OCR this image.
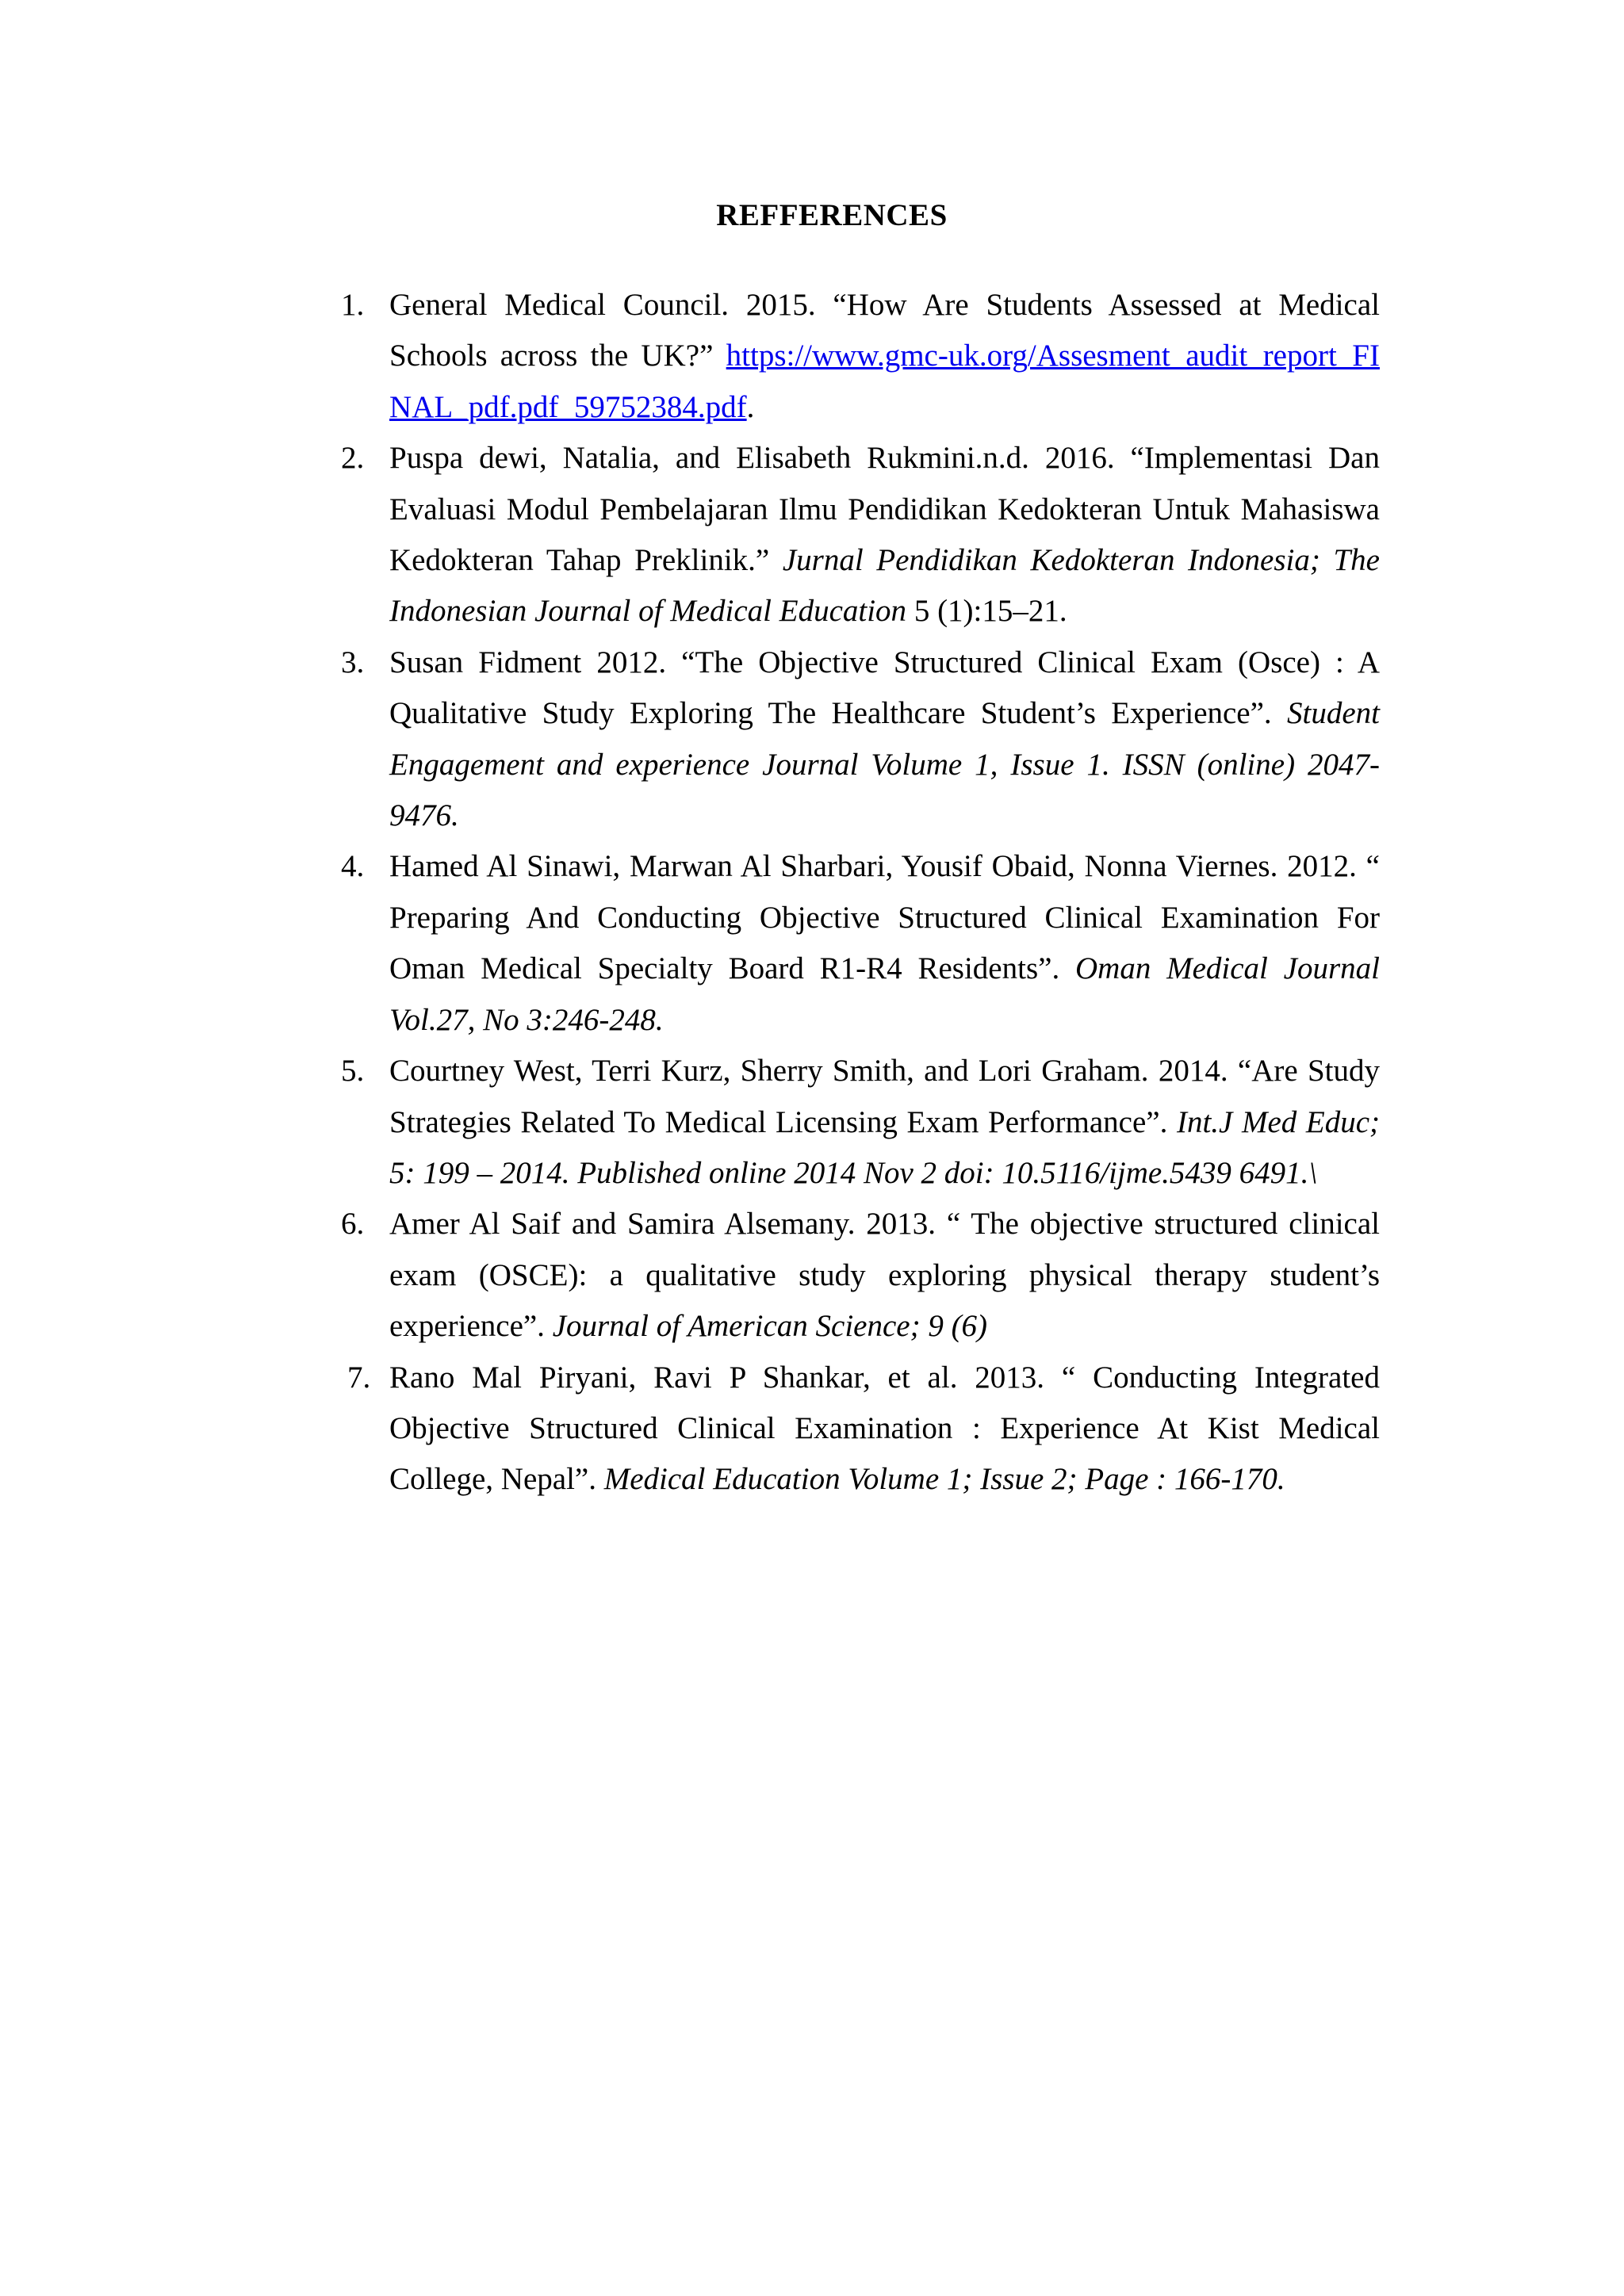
REFFERENCES
1. General Medical Council. 2015. “How Are Students Assessed at Medical Schools across the UK?” https://www.gmc-uk.org/Assesment_audit_report_FINAL_pdf.pdf_59752384.pdf.
2. Puspa dewi, Natalia, and Elisabeth Rukmini.n.d. 2016. “Implementasi Dan Evaluasi Modul Pembelajaran Ilmu Pendidikan Kedokteran Untuk Mahasiswa Kedokteran Tahap Preklinik.” Jurnal Pendidikan Kedokteran Indonesia; The Indonesian Journal of Medical Education 5 (1):15–21.
3. Susan Fidment 2012. “The Objective Structured Clinical Exam (Osce) : A Qualitative Study Exploring The Healthcare Student’s Experience”. Student Engagement and experience Journal Volume 1, Issue 1. ISSN (online) 2047-9476.
4. Hamed Al Sinawi, Marwan Al Sharbari, Yousif Obaid, Nonna Viernes. 2012. “ Preparing And Conducting Objective Structured Clinical Examination For Oman Medical Specialty Board R1-R4 Residents”. Oman Medical Journal Vol.27, No 3:246-248.
5. Courtney West, Terri Kurz, Sherry Smith, and Lori Graham. 2014. “Are Study Strategies Related To Medical Licensing Exam Performance”. Int.J Med Educ; 5: 199 – 2014. Published online 2014 Nov 2 doi: 10.5116/ijme.5439 6491.\
6. Amer Al Saif and Samira Alsemany. 2013. “ The objective structured clinical exam (OSCE): a qualitative study exploring physical therapy student’s experience”. Journal of American Science; 9 (6)
7. Rano Mal Piryani, Ravi P Shankar, et al. 2013. “ Conducting Integrated Objective Structured Clinical Examination : Experience At Kist Medical College, Nepal”. Medical Education Volume 1; Issue 2; Page : 166-170.
